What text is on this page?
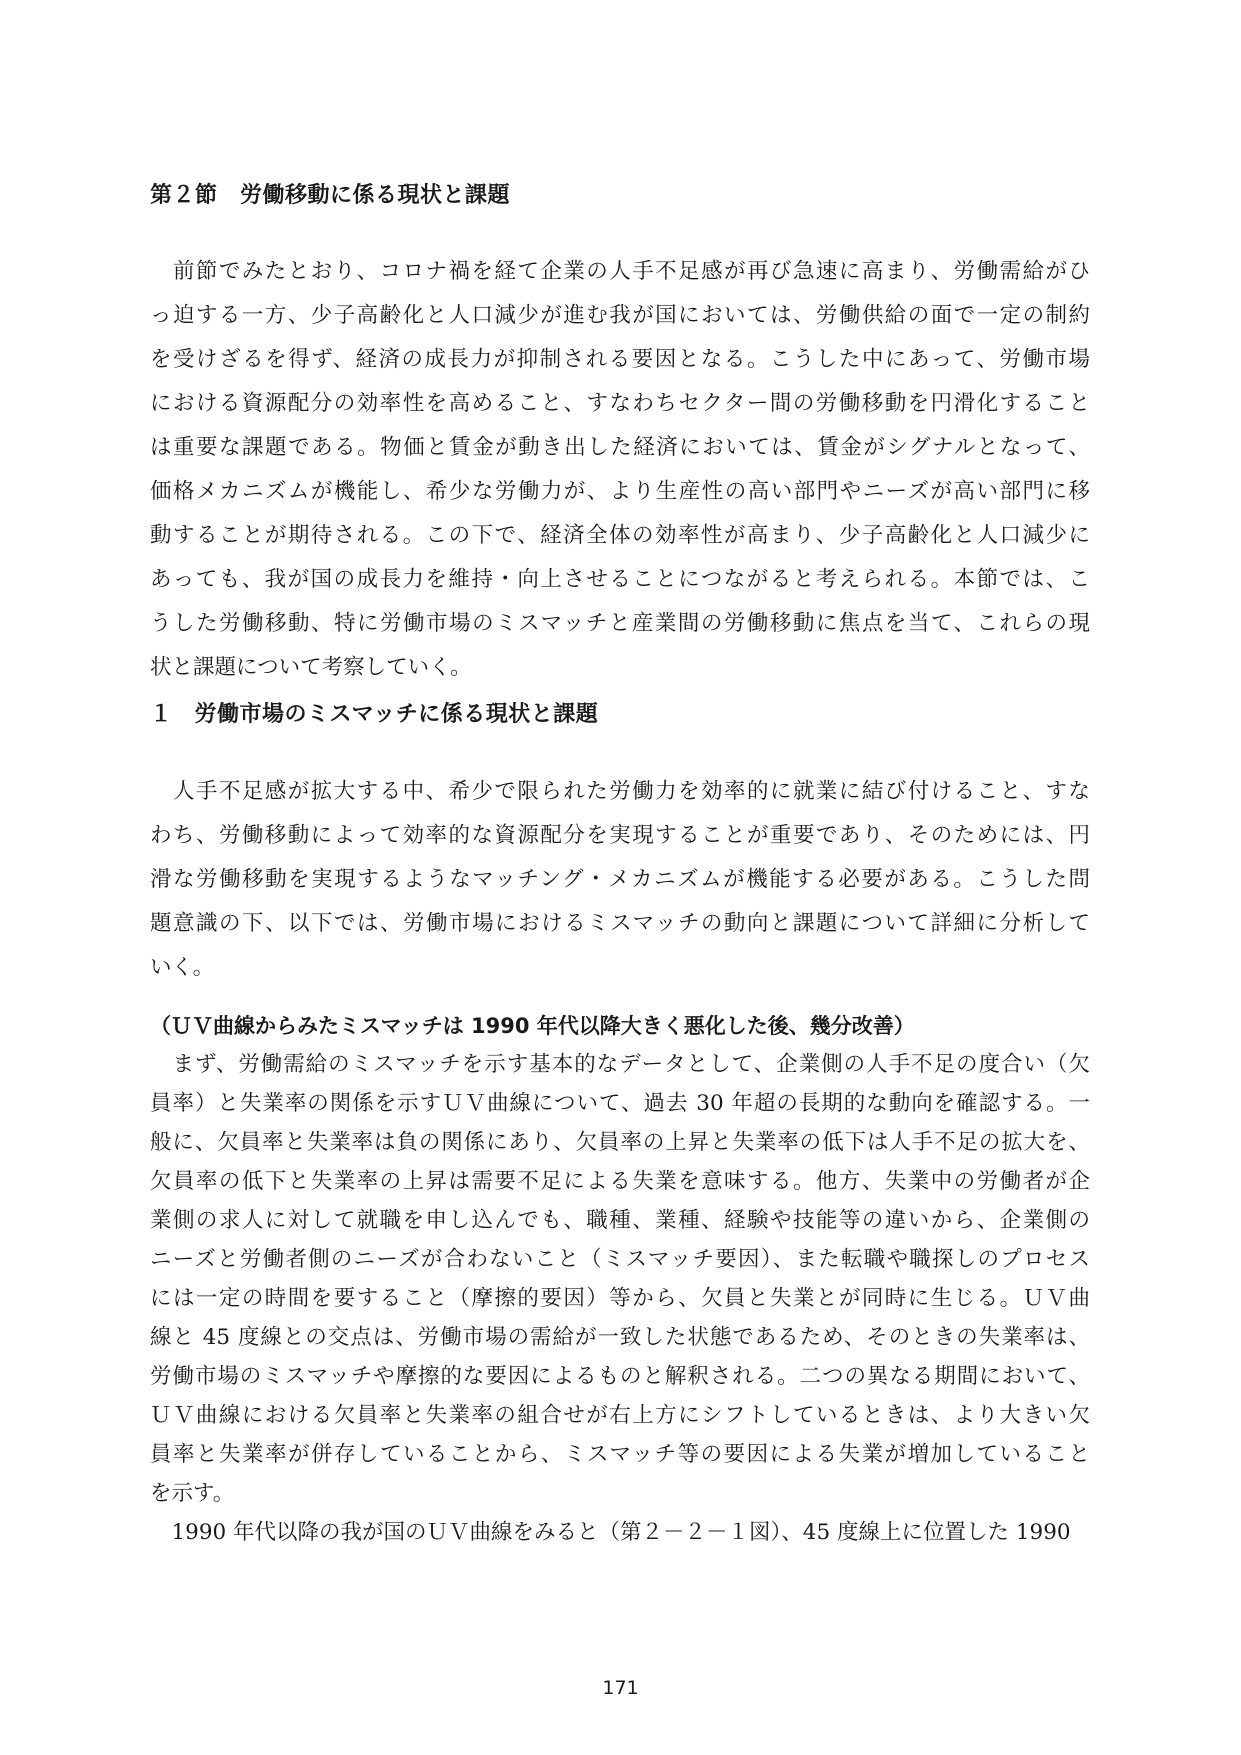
第２節　労働移動に係る現状と課題
　前節でみたとおり、コロナ禍を経て企業の人手不足感が再び急速に高まり、労働需給がひ
っ迫する一方、少子高齢化と人口減少が進む我が国においては、労働供給の面で一定の制約
を受けざるを得ず、経済の成長力が抑制される要因となる。こうした中にあって、労働市場
における資源配分の効率性を高めること、すなわちセクター間の労働移動を円滑化すること
は重要な課題である。物価と賃金が動き出した経済においては、賃金がシグナルとなって、
価格メカニズムが機能し、希少な労働力が、より生産性の高い部門やニーズが高い部門に移
動することが期待される。この下で、経済全体の効率性が高まり、少子高齢化と人口減少に
あっても、我が国の成長力を維持・向上させることにつながると考えられる。本節では、こ
うした労働移動、特に労働市場のミスマッチと産業間の労働移動に焦点を当て、これらの現
状と課題について考察していく。
１ 労働市場のミスマッチに係る現状と課題
　人手不足感が拡大する中、希少で限られた労働力を効率的に就業に結び付けること、すな
わち、労働移動によって効率的な資源配分を実現することが重要であり、そのためには、円
滑な労働移動を実現するようなマッチング・メカニズムが機能する必要がある。こうした問
題意識の下、以下では、労働市場におけるミスマッチの動向と課題について詳細に分析して
いく。
（ＵＶ曲線からみたミスマッチは 1990 年代以降大きく悪化した後、幾分改善）
　まず、労働需給のミスマッチを示す基本的なデータとして、企業側の人手不足の度合い（欠
員率）と失業率の関係を示すＵＶ曲線について、過去 30 年超の長期的な動向を確認する。一
般に、欠員率と失業率は負の関係にあり、欠員率の上昇と失業率の低下は人手不足の拡大を、
欠員率の低下と失業率の上昇は需要不足による失業を意味する。他方、失業中の労働者が企
業側の求人に対して就職を申し込んでも、職種、業種、経験や技能等の違いから、企業側の
ニーズと労働者側のニーズが合わないこと（ミスマッチ要因）、また転職や職探しのプロセス
には一定の時間を要すること（摩擦的要因）等から、欠員と失業とが同時に生じる。ＵＶ曲
線と 45 度線との交点は、労働市場の需給が一致した状態であるため、そのときの失業率は、
労働市場のミスマッチや摩擦的な要因によるものと解釈される。二つの異なる期間において、
ＵＶ曲線における欠員率と失業率の組合せが右上方にシフトしているときは、より大きい欠
員率と失業率が併存していることから、ミスマッチ等の要因による失業が増加していること
を示す。
　1990 年代以降の我が国のＵＶ曲線をみると（第２－２－１図）、45 度線上に位置した 1990
171
